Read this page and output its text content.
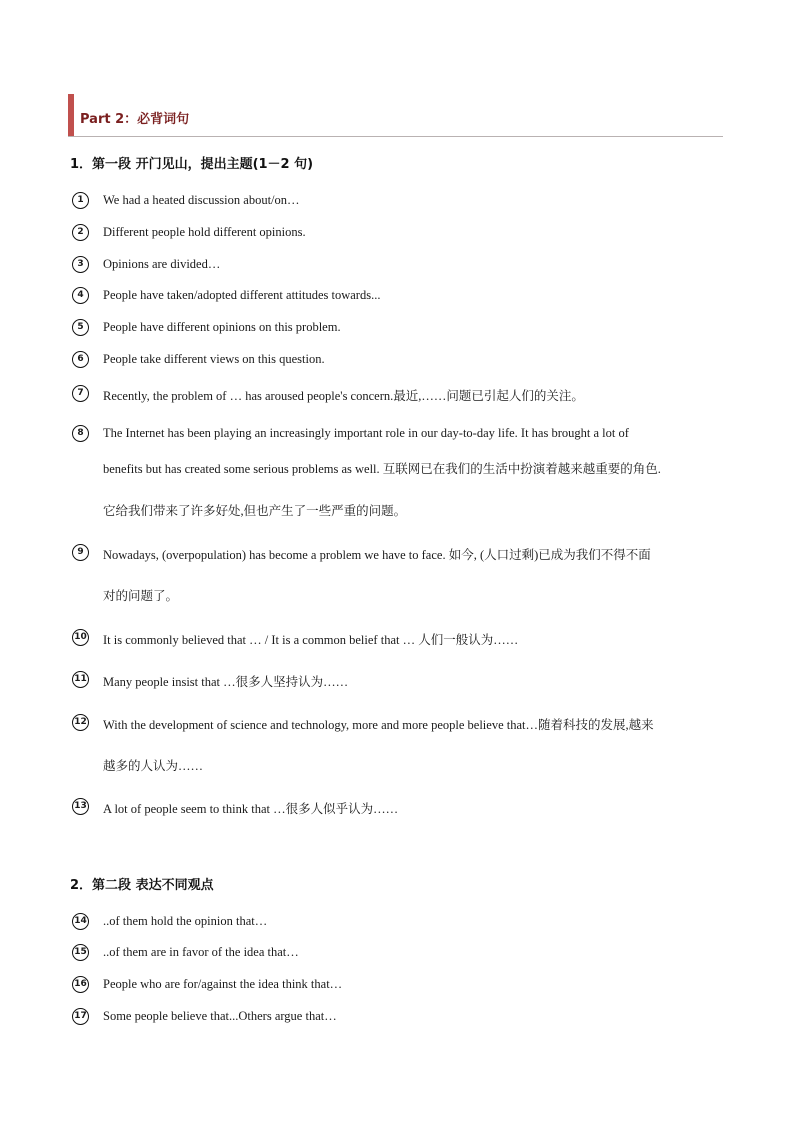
Part 2：必背词句
1．第一段 开门见山，提出主题(1－2 句)
1	We had a heated discussion about/on…
2	Different people hold different opinions.
3	Opinions are divided…
4	People have taken/adopted different attitudes towards...
5	People have different opinions on this problem.
6	People take different views on this question.
7	Recently, the problem of … has aroused people's concern.最近,……问题已引起人们的关注。
8	The Internet has been playing an increasingly important role in our day-to-day life. It has brought a lot of
benefits but has created some serious problems as well. 互联网已在我们的生活中扮演着越来越重要的角色.
它给我们带来了许多好处,但也产生了一些严重的问题。
9	Nowadays, (overpopulation) has become a problem we have to face. 如今, (人口过剩)已成为我们不得不面
对的问题了。
10 It is commonly believed that … / It is a common belief that … 人们一般认为……
11 Many people insist that …很多人坚持认为……
12 With the development of science and technology, more and more people believe that…随着科技的发展,越来
越多的人认为……
13 A lot of people seem to think that …很多人似乎认为……
2．第二段 表达不同观点
14 ..of them hold the opinion that…
15 ..of them are in favor of the idea that…
16 People who are for/against the idea think that…
17 Some people believe that...Others argue that…
